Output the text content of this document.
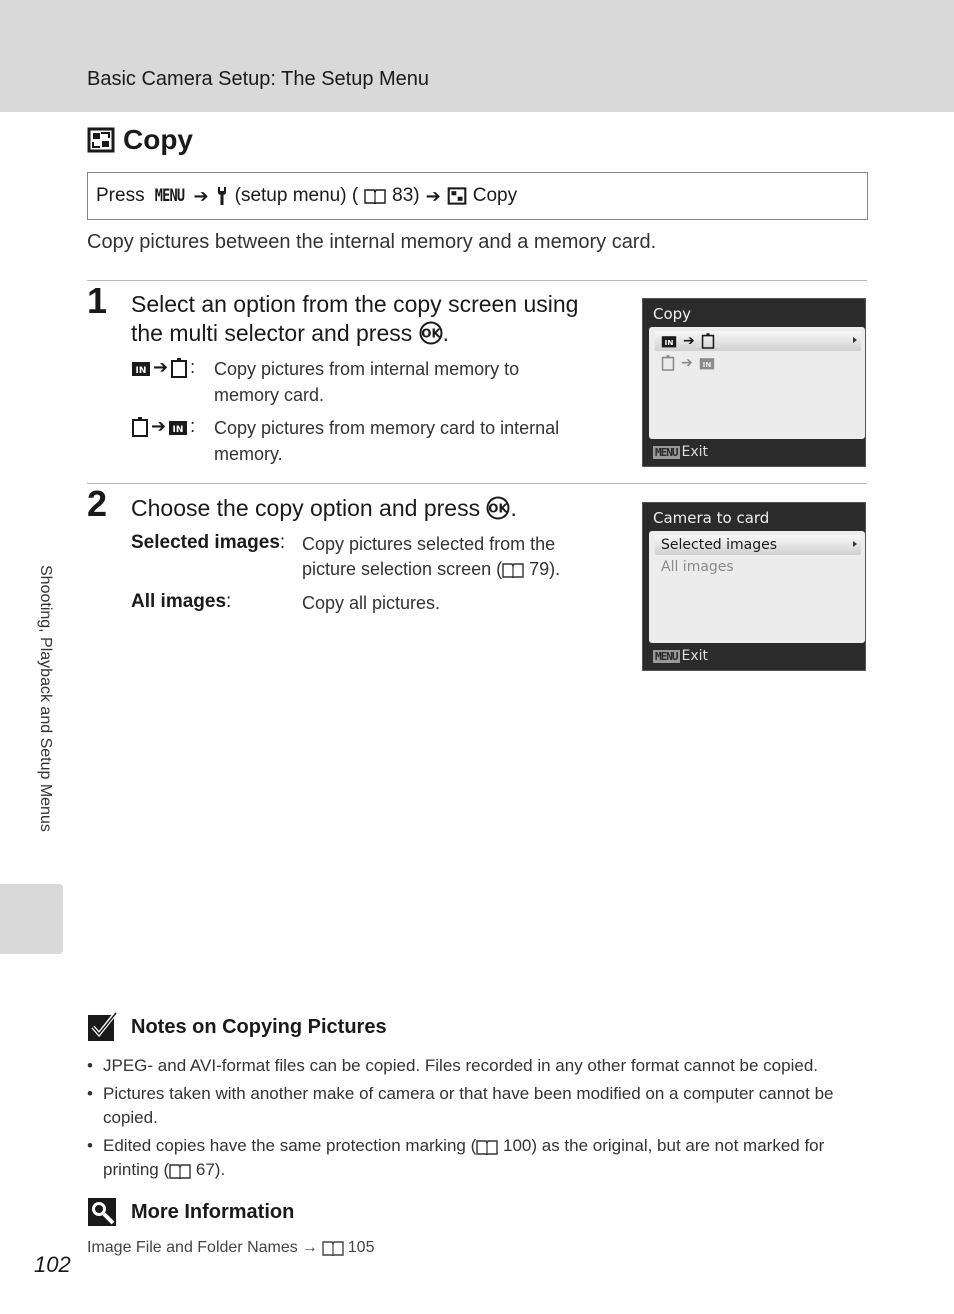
Basic Camera Setup: The Setup Menu
Copy
Press MENU ➔ (setup menu) ( 83) ➔ Copy
Copy pictures between the internal memory and a memory card.
1 Select an option from the copy screen using
the multi selector and press OK .
IN ➔ : Copy pictures from internal memory to
memory card.
➔ IN : Copy pictures from memory card to internal
memory.
Copy
IN ➔
➔ IN
MENU Exit
2 Choose the copy option and press OK .
Selected images: Copy pictures selected from the
picture selection screen ( 79).
All images:	Copy all pictures.
Camera to card
Selected images
All images
MENU Exit
Shooting, Playback and Setup Menus
Notes on Copying Pictures
• JPEG- and AVI-format files can be copied. Files recorded in any other format cannot be copied.
• Pictures taken with another make of camera or that have been modified on a computer cannot be
copied.
• Edited copies have the same protection marking ( 100) as the original, but are not marked for
printing ( 67).
More Information
Image File and Folder Names → 105
102
